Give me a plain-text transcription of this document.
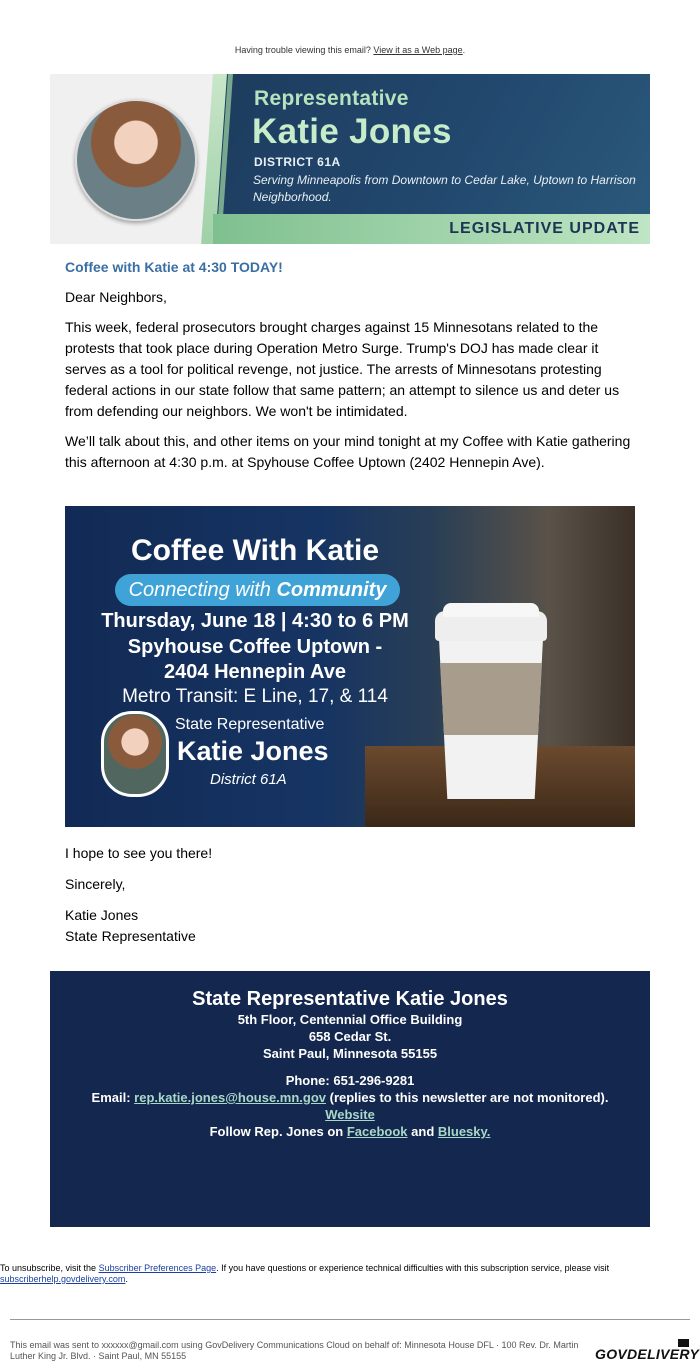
Having trouble viewing this email? View it as a Web page.
Representative
Katie Jones
DISTRICT 61A
Serving Minneapolis from Downtown to Cedar Lake, Uptown to Harrison Neighborhood.
LEGISLATIVE UPDATE

Coffee with Katie at 4:30 TODAY!

Dear Neighbors,

This week, federal prosecutors brought charges against 15 Minnesotans related to the protests that took place during Operation Metro Surge. Trump's DOJ has made clear it serves as a tool for political revenge, not justice. The arrests of Minnesotans protesting federal actions in our state follow that same pattern; an attempt to silence us and deter us from defending our neighbors. We won't be intimidated.

We’ll talk about this, and other items on your mind tonight at my Coffee with Katie gathering this afternoon at 4:30 p.m. at Spyhouse Coffee Uptown (2402 Hennepin Ave).

Coffee With Katie
Connecting with Community
Thursday, June 18 | 4:30 to 6 PM
Spyhouse Coffee Uptown -
2404 Hennepin Ave
Metro Transit: E Line, 17, & 114
State Representative
Katie Jones
District 61A

I hope to see you there!

Sincerely,

Katie Jones
State Representative
State Representative Katie Jones
5th Floor, Centennial Office Building
658 Cedar St.
Saint Paul, Minnesota 55155
Phone: 651-296-9281
Email: rep.katie.jones@house.mn.gov (replies to this newsletter are not monitored).
Website
Follow Rep. Jones on Facebook and Bluesky.
To unsubscribe, visit the Subscriber Preferences Page. If you have questions or experience technical difficulties with this subscription service, please visit subscriberhelp.govdelivery.com.
This email was sent to xxxxxx@gmail.com using GovDelivery Communications Cloud on behalf of: Minnesota House DFL · 100 Rev. Dr. Martin Luther King Jr. Blvd. · Saint Paul, MN 55155	GOVDELIVERY
